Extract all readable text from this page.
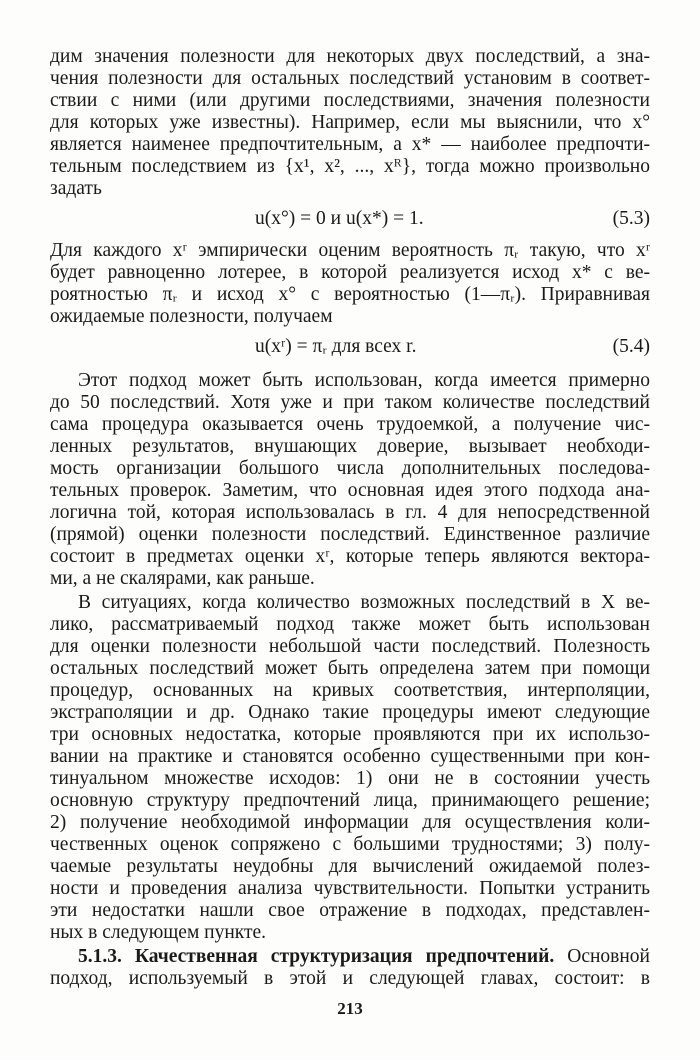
дим значения полезности для некоторых двух последствий, а зна-
чения полезности для остальных последствий установим в соответ-
ствии с ними (или другими последствиями, значения полезности
для которых уже известны). Например, если мы выяснили, что x°
является наименее предпочтительным, а x* — наиболее предпочти-
тельным последствием из {x¹, x², ..., xᴿ}, тогда можно произвольно
задать
u(x°) = 0 и u(x*) = 1.	(5.3)
Для каждого xʳ эмпирически оценим вероятность πᵣ такую, что xʳ
будет равноценно лотерее, в которой реализуется исход x* с ве-
роятностью πᵣ и исход x° с вероятностью (1—πᵣ). Приравнивая
ожидаемые полезности, получаем
u(xʳ) = πᵣ для всех r.	(5.4)
Этот подход может быть использован, когда имеется примерно
до 50 последствий. Хотя уже и при таком количестве последствий
сама процедура оказывается очень трудоемкой, а получение чис-
ленных результатов, внушающих доверие, вызывает необходи-
мость организации большого числа дополнительных последова-
тельных проверок. Заметим, что основная идея этого подхода ана-
логична той, которая использовалась в гл. 4 для непосредственной
(прямой) оценки полезности последствий. Единственное различие
состоит в предметах оценки xʳ, которые теперь являются вектора-
ми, а не скалярами, как раньше.
В ситуациях, когда количество возможных последствий в X ве-
лико, рассматриваемый подход также может быть использован
для оценки полезности небольшой части последствий. Полезность
остальных последствий может быть определена затем при помощи
процедур, основанных на кривых соответствия, интерполяции,
экстраполяции и др. Однако такие процедуры имеют следующие
три основных недостатка, которые проявляются при их использо-
вании на практике и становятся особенно существенными при кон-
тинуальном множестве исходов: 1) они не в состоянии учесть
основную структуру предпочтений лица, принимающего решение;
2) получение необходимой информации для осуществления коли-
чественных оценок сопряжено с большими трудностями; 3) полу-
чаемые результаты неудобны для вычислений ожидаемой полез-
ности и проведения анализа чувствительности. Попытки устранить
эти недостатки нашли свое отражение в подходах, представлен-
ных в следующем пункте.
5.1.3. Качественная структуризация предпочтений. Основной
подход, используемый в этой и следующей главах, состоит: в
213
